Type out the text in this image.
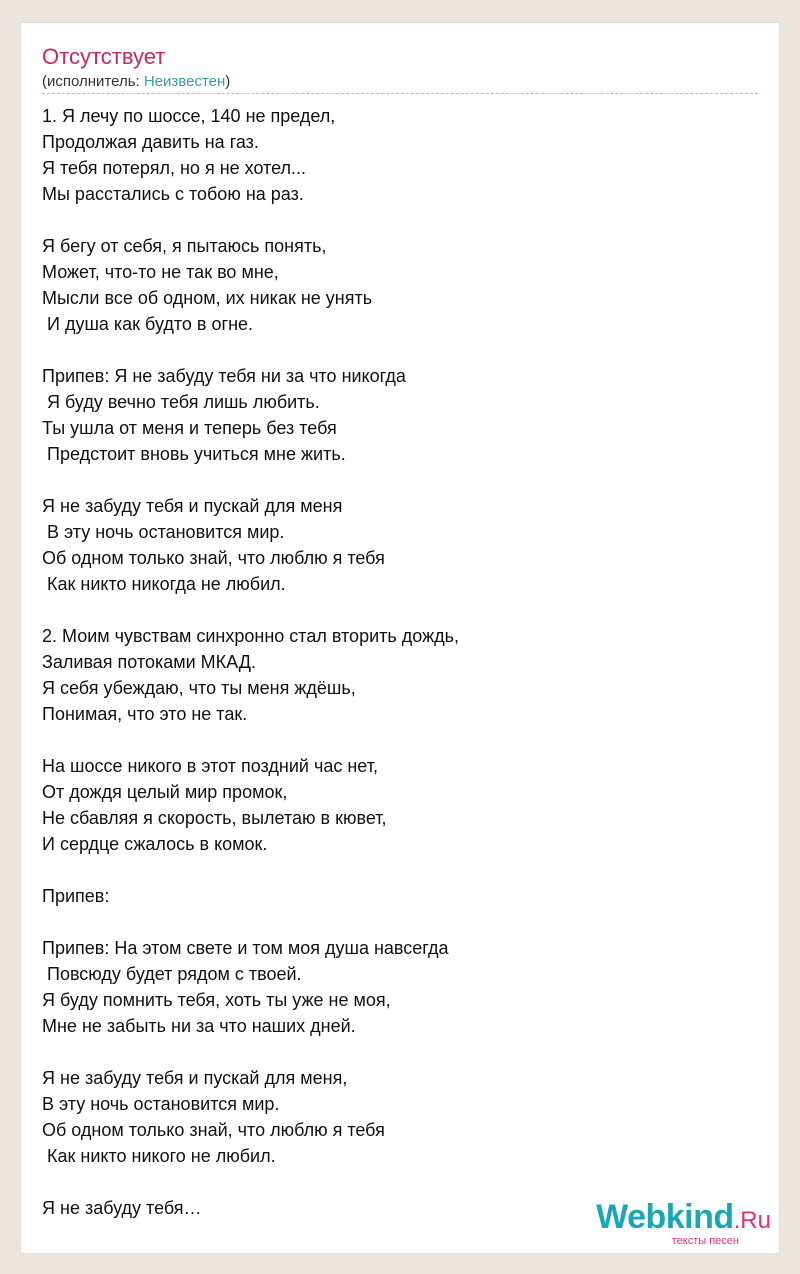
Отсутствует
(исполнитель: Неизвестен)
1. Я лечу по шоссе, 140 не предел,
Продолжая давить на газ.
Я тебя потерял, но я не хотел...
Мы расстались с тобою на раз.

Я бегу от себя, я пытаюсь понять,
Может, что-то не так во мне,
Мысли все об одном, их никак не унять
И душа как будто в огне.

Припев: Я не забуду тебя ни за что никогда
Я буду вечно тебя лишь любить.
Ты ушла от меня и теперь без тебя
Предстоит вновь учиться мне жить.

Я не забуду тебя и пускай для меня
В эту ночь остановится мир.
Об одном только знай, что люблю я тебя
Как никто никогда не любил.

2. Моим чувствам синхронно стал вторить дождь,
Заливая потоками МКАД.
Я себя убеждаю, что ты меня ждёшь,
Понимая, что это не так.

На шоссе никого в этот поздний час нет,
От дождя целый мир промок,
Не сбавляя я скорость, вылетаю в кювет,
И сердце сжалось в комок.

Припев:

Припев: На этом свете и том моя душа навсегда
Повсюду будет рядом с твоей.
Я буду помнить тебя, хоть ты уже не моя,
Мне не забыть ни за что наших дней.

Я не забуду тебя и пускай для меня,
В эту ночь остановится мир.
Об одном только знай, что люблю я тебя
Как никто никого не любил.

Я не забуду тебя…	Webkind.Ru
тексты песен
